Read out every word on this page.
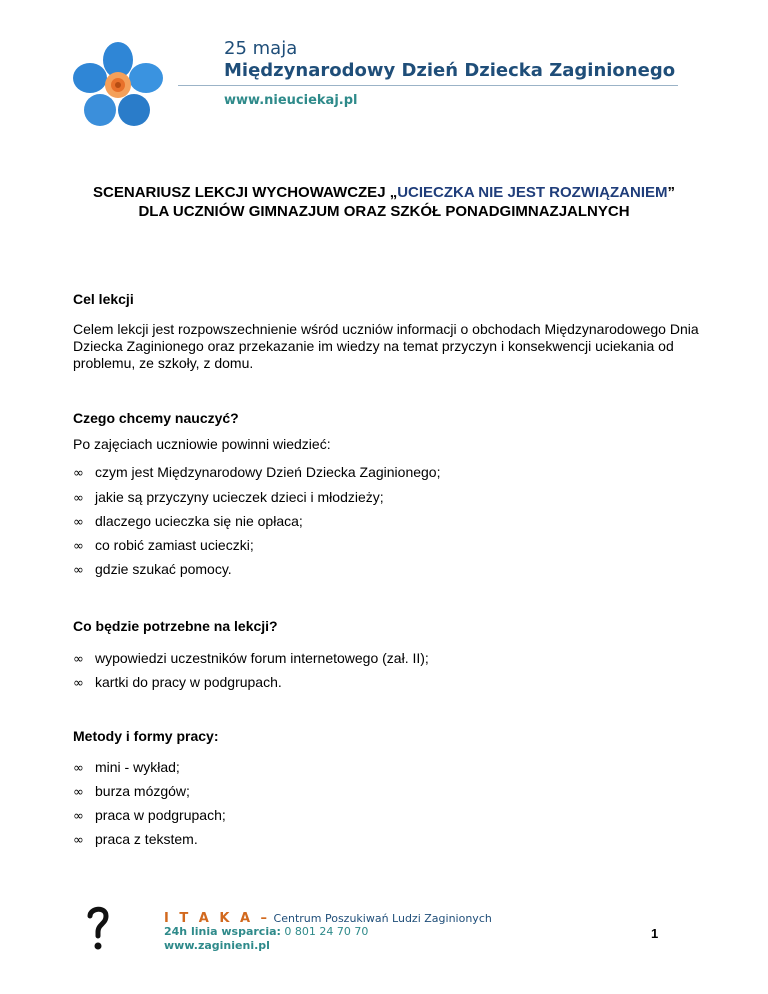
25 maja
Międzynarodowy Dzień Dziecka Zaginionego
www.nieuciekaj.pl
SCENARIUSZ LEKCJI WYCHOWAWCZEJ „UCIECZKA NIE JEST ROZWIĄZANIEM”
DLA UCZNIÓW GIMNAZJUM ORAZ SZKÓŁ PONADGIMNAZJALNYCH
Cel lekcji
Celem lekcji jest rozpowszechnienie wśród uczniów informacji o obchodach Międzynarodowego Dnia Dziecka Zaginionego oraz przekazanie im wiedzy na temat przyczyn i konsekwencji uciekania od problemu, ze szkoły, z domu.
Czego chcemy nauczyć?
Po zajęciach uczniowie powinni wiedzieć:
∞ czym jest Międzynarodowy Dzień Dziecka Zaginionego;
∞ jakie są przyczyny ucieczek dzieci i młodzieży;
∞ dlaczego ucieczka się nie opłaca;
∞ co robić zamiast ucieczki;
∞ gdzie szukać pomocy.
Co będzie potrzebne na lekcji?
∞ wypowiedzi uczestników forum internetowego (zał. II);
∞ kartki do pracy w podgrupach.
Metody i formy pracy:
∞ mini - wykład;
∞ burza mózgów;
∞ praca w podgrupach;
∞ praca z tekstem.
I T A K A – Centrum Poszukiwań Ludzi Zaginionych
24h linia wsparcia: 0 801 24 70 70
www.zaginieni.pl
1
